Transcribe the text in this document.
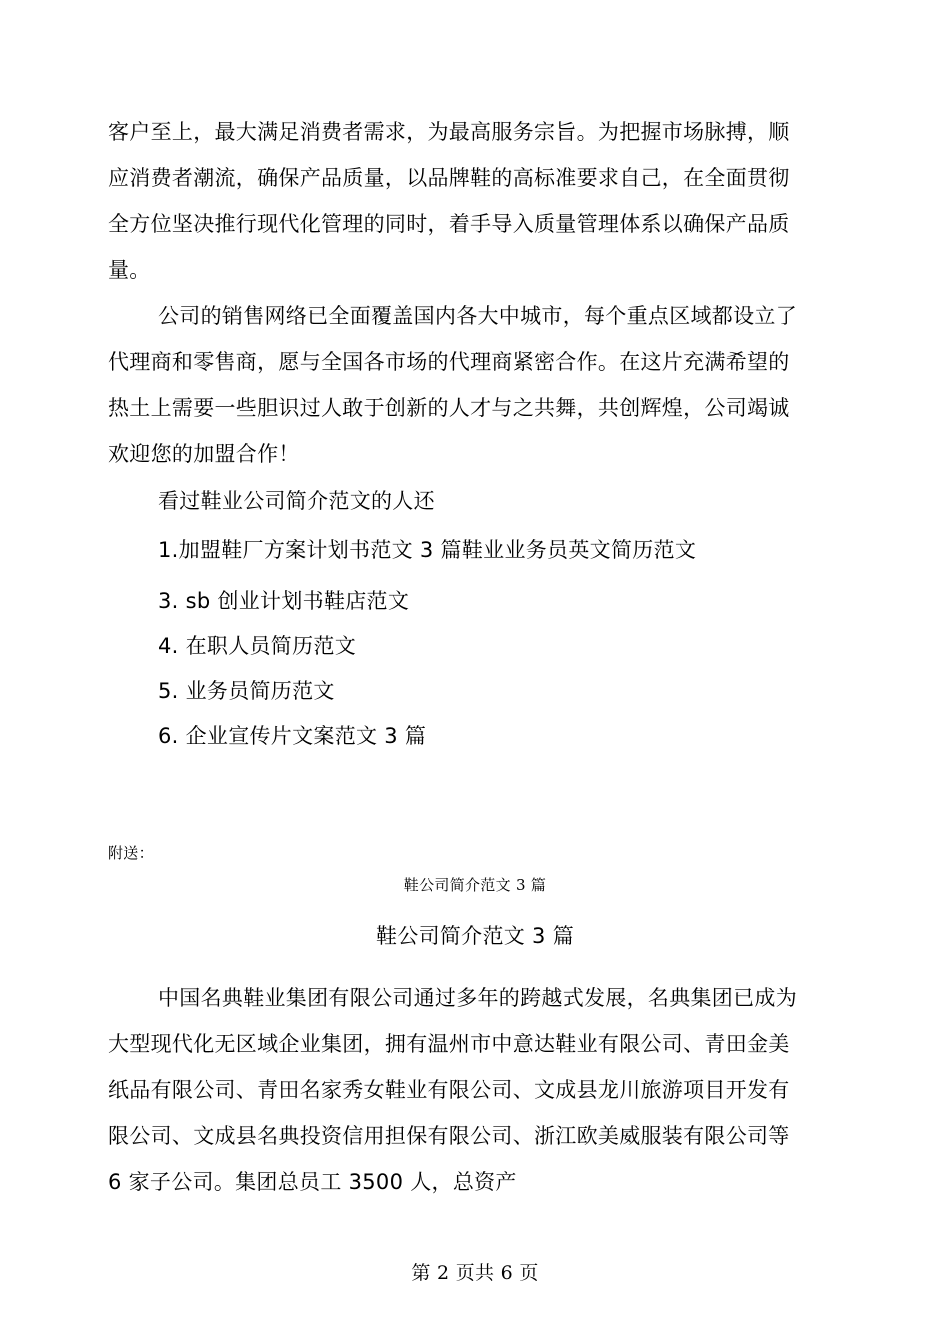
客户至上，最大满足消费者需求，为最高服务宗旨。为把握市场脉搏，顺
应消费者潮流，确保产品质量，以品牌鞋的高标准要求自己，在全面贯彻
全方位坚决推行现代化管理的同时，着手导入质量管理体系以确保产品质
量。
公司的销售网络已全面覆盖国内各大中城市，每个重点区域都设立了
代理商和零售商，愿与全国各市场的代理商紧密合作。在这片充满希望的
热土上需要一些胆识过人敢于创新的人才与之共舞，共创辉煌，公司竭诚
欢迎您的加盟合作！
看过鞋业公司简介范文的人还
1.加盟鞋厂方案计划书范文 3 篇鞋业业务员英文简历范文
3. sb 创业计划书鞋店范文
4. 在职人员简历范文
5. 业务员简历范文
6. 企业宣传片文案范文 3 篇
附送：
鞋公司简介范文 3 篇
鞋公司简介范文 3 篇
中国名典鞋业集团有限公司通过多年的跨越式发展，名典集团已成为
大型现代化无区域企业集团，拥有温州市中意达鞋业有限公司、青田金美
纸品有限公司、青田名家秀女鞋业有限公司、文成县龙川旅游项目开发有
限公司、文成县名典投资信用担保有限公司、浙江欧美威服装有限公司等
6 家子公司。集团总员工 3500 人，总资产
第 2 页共 6 页
